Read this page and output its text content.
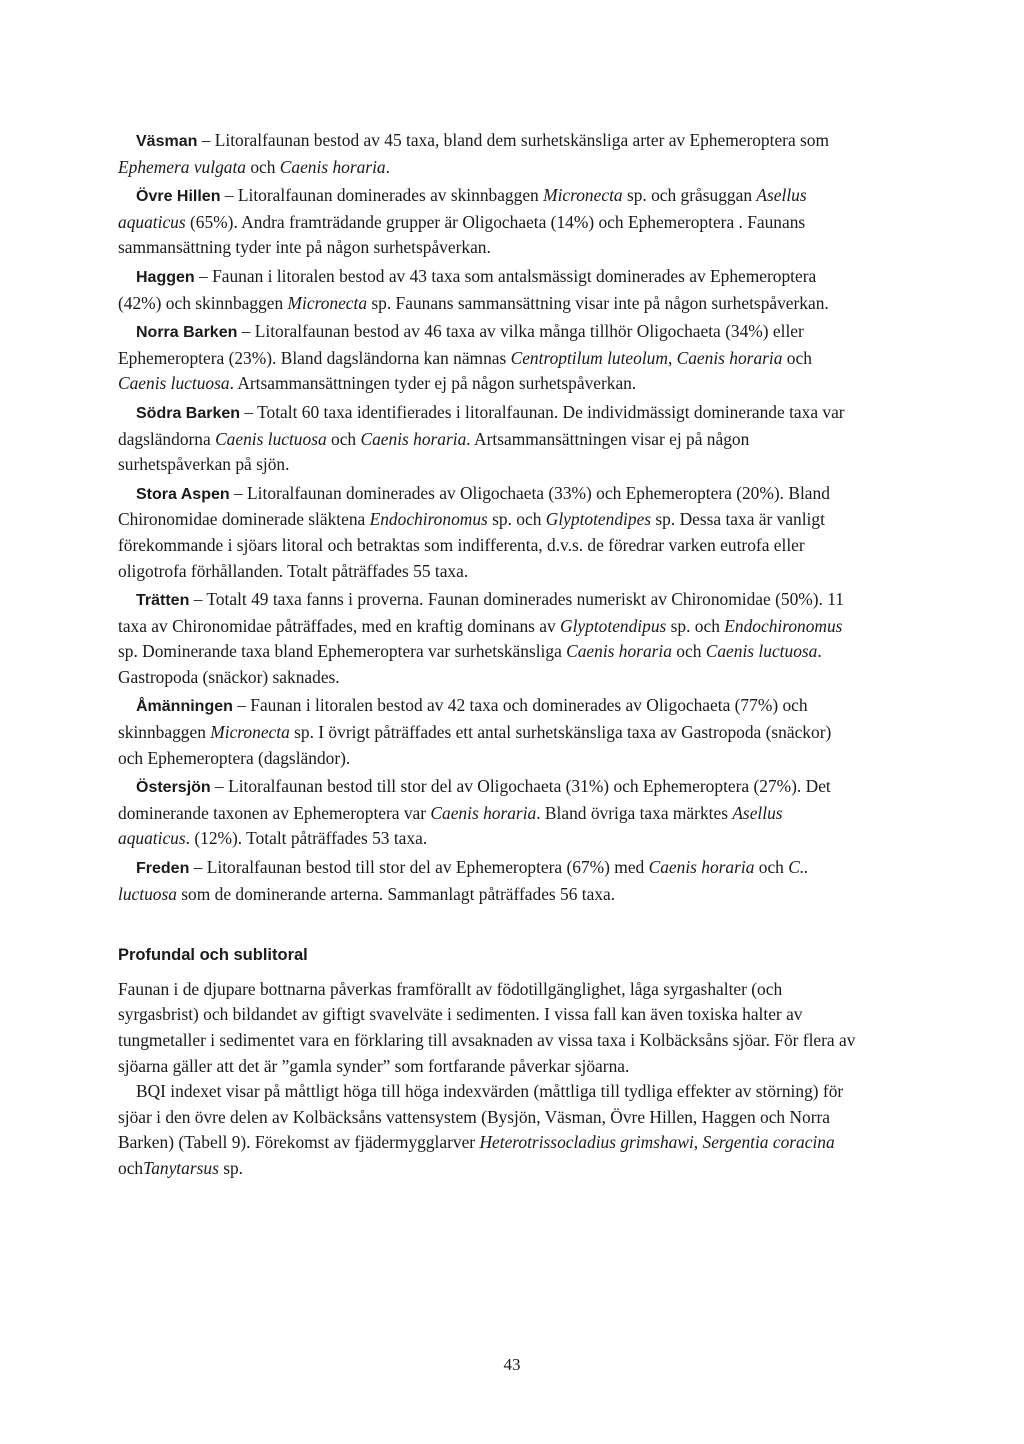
Väsman – Litoralfaunan bestod av 45 taxa, bland dem surhetskänsliga arter av Ephemeroptera som Ephemera vulgata och Caenis horaria.

Övre Hillen – Litoralfaunan dominerades av skinnbaggen Micronecta sp. och gråsuggan Asellus aquaticus (65%). Andra framträdande grupper är Oligochaeta (14%) och Ephemeroptera . Faunans sammansättning tyder inte på någon surhetspåverkan.

Haggen – Faunan i litoralen bestod av 43 taxa som antalsmässigt dominerades av Ephemeroptera (42%) och skinnbaggen Micronecta sp. Faunans sammansättning visar inte på någon surhetspåverkan.

Norra Barken – Litoralfaunan bestod av 46 taxa av vilka många tillhör Oligochaeta (34%) eller Ephemeroptera (23%). Bland dagsländorna kan nämnas Centroptilum luteolum, Caenis horaria och Caenis luctuosa. Artsammansättningen tyder ej på någon surhetspåverkan.

Södra Barken – Totalt 60 taxa identifierades i litoralfaunan. De individmässigt dominerande taxa var dagsländorna Caenis luctuosa och Caenis horaria. Artsammansättningen visar ej på någon surhetspåverkan på sjön.

Stora Aspen – Litoralfaunan dominerades av Oligochaeta (33%) och Ephemeroptera (20%). Bland Chironomidae dominerade släktena Endochironomus sp. och Glyptotendipes sp. Dessa taxa är vanligt förekommande i sjöars litoral och betraktas som indifferenta, d.v.s. de föredrar varken eutrofa eller oligotrofa förhållanden. Totalt påträffades 55 taxa.

Trätten – Totalt 49 taxa fanns i proverna. Faunan dominerades numeriskt av Chironomidae (50%). 11 taxa av Chironomidae påträffades, med en kraftig dominans av Glyptotendipus sp. och Endochironomus sp. Dominerande taxa bland Ephemeroptera var surhetskänsliga Caenis horaria och Caenis luctuosa. Gastropoda (snäckor) saknades.

Åmänningen – Faunan i litoralen bestod av 42 taxa och dominerades av Oligochaeta (77%) och skinnbaggen Micronecta sp. I övrigt påträffades ett antal surhetskänsliga taxa av Gastropoda (snäckor) och Ephemeroptera (dagsländor).

Östersjön – Litoralfaunan bestod till stor del av Oligochaeta (31%) och Ephemeroptera (27%). Det dominerande taxonen av Ephemeroptera var Caenis horaria. Bland övriga taxa märktes Asellus aquaticus. (12%). Totalt påträffades 53 taxa.

Freden – Litoralfaunan bestod till stor del av Ephemeroptera (67%) med Caenis horaria och C.. luctuosa som de dominerande arterna. Sammanlagt påträffades 56 taxa.

Profundal och sublitoral

Faunan i de djupare bottnarna påverkas framförallt av födotillgänglighet, låga syrgashalter (och syrgasbrist) och bildandet av giftigt svavelväte i sedimenten. I vissa fall kan även toxiska halter av tungmetaller i sedimentet vara en förklaring till avsaknaden av vissa taxa i Kolbäcksåns sjöar. För flera av sjöarna gäller att det är ”gamla synder” som fortfarande påverkar sjöarna.

BQI indexet visar på måttligt höga till höga indexvärden (måttliga till tydliga effekter av störning) för sjöar i den övre delen av Kolbäcksåns vattensystem (Bysjön, Väsman, Övre Hillen, Haggen och Norra Barken) (Tabell 9). Förekomst av fjädermygglarver Heterotrissocladius grimshawi, Sergentia coracina ochTanytarsus sp.

43
